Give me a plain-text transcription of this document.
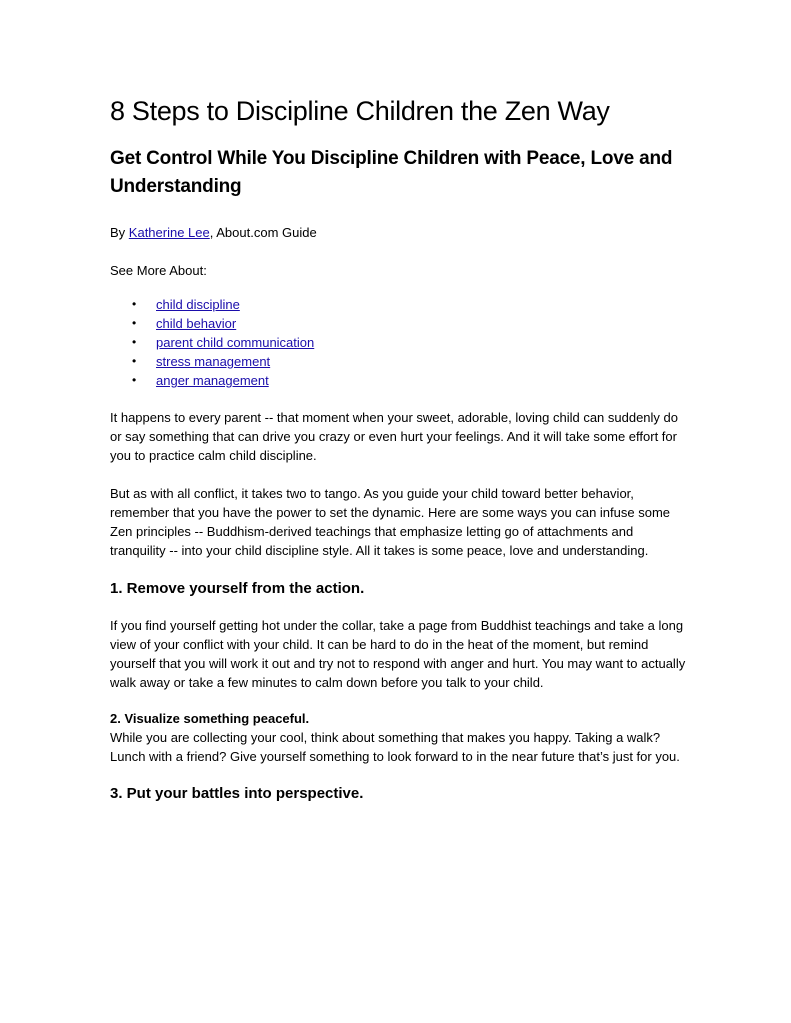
8 Steps to Discipline Children the Zen Way
Get Control While You Discipline Children with Peace, Love and Understanding

By Katherine Lee, About.com Guide

See More About:

• child discipline
• child behavior
• parent child communication
• stress management
• anger management

It happens to every parent -- that moment when your sweet, adorable, loving child can suddenly do or say something that can drive you crazy or even hurt your feelings. And it will take some effort for you to practice calm child discipline.

But as with all conflict, it takes two to tango. As you guide your child toward better behavior, remember that you have the power to set the dynamic. Here are some ways you can infuse some Zen principles -- Buddhism-derived teachings that emphasize letting go of attachments and tranquility -- into your child discipline style. All it takes is some peace, love and understanding.

1. Remove yourself from the action.

If you find yourself getting hot under the collar, take a page from Buddhist teachings and take a long view of your conflict with your child. It can be hard to do in the heat of the moment, but remind yourself that you will work it out and try not to respond with anger and hurt. You may want to actually walk away or take a few minutes to calm down before you talk to your child.

2. Visualize something peaceful.

While you are collecting your cool, think about something that makes you happy. Taking a walk? Lunch with a friend? Give yourself something to look forward to in the near future that’s just for you.

3. Put your battles into perspective.
